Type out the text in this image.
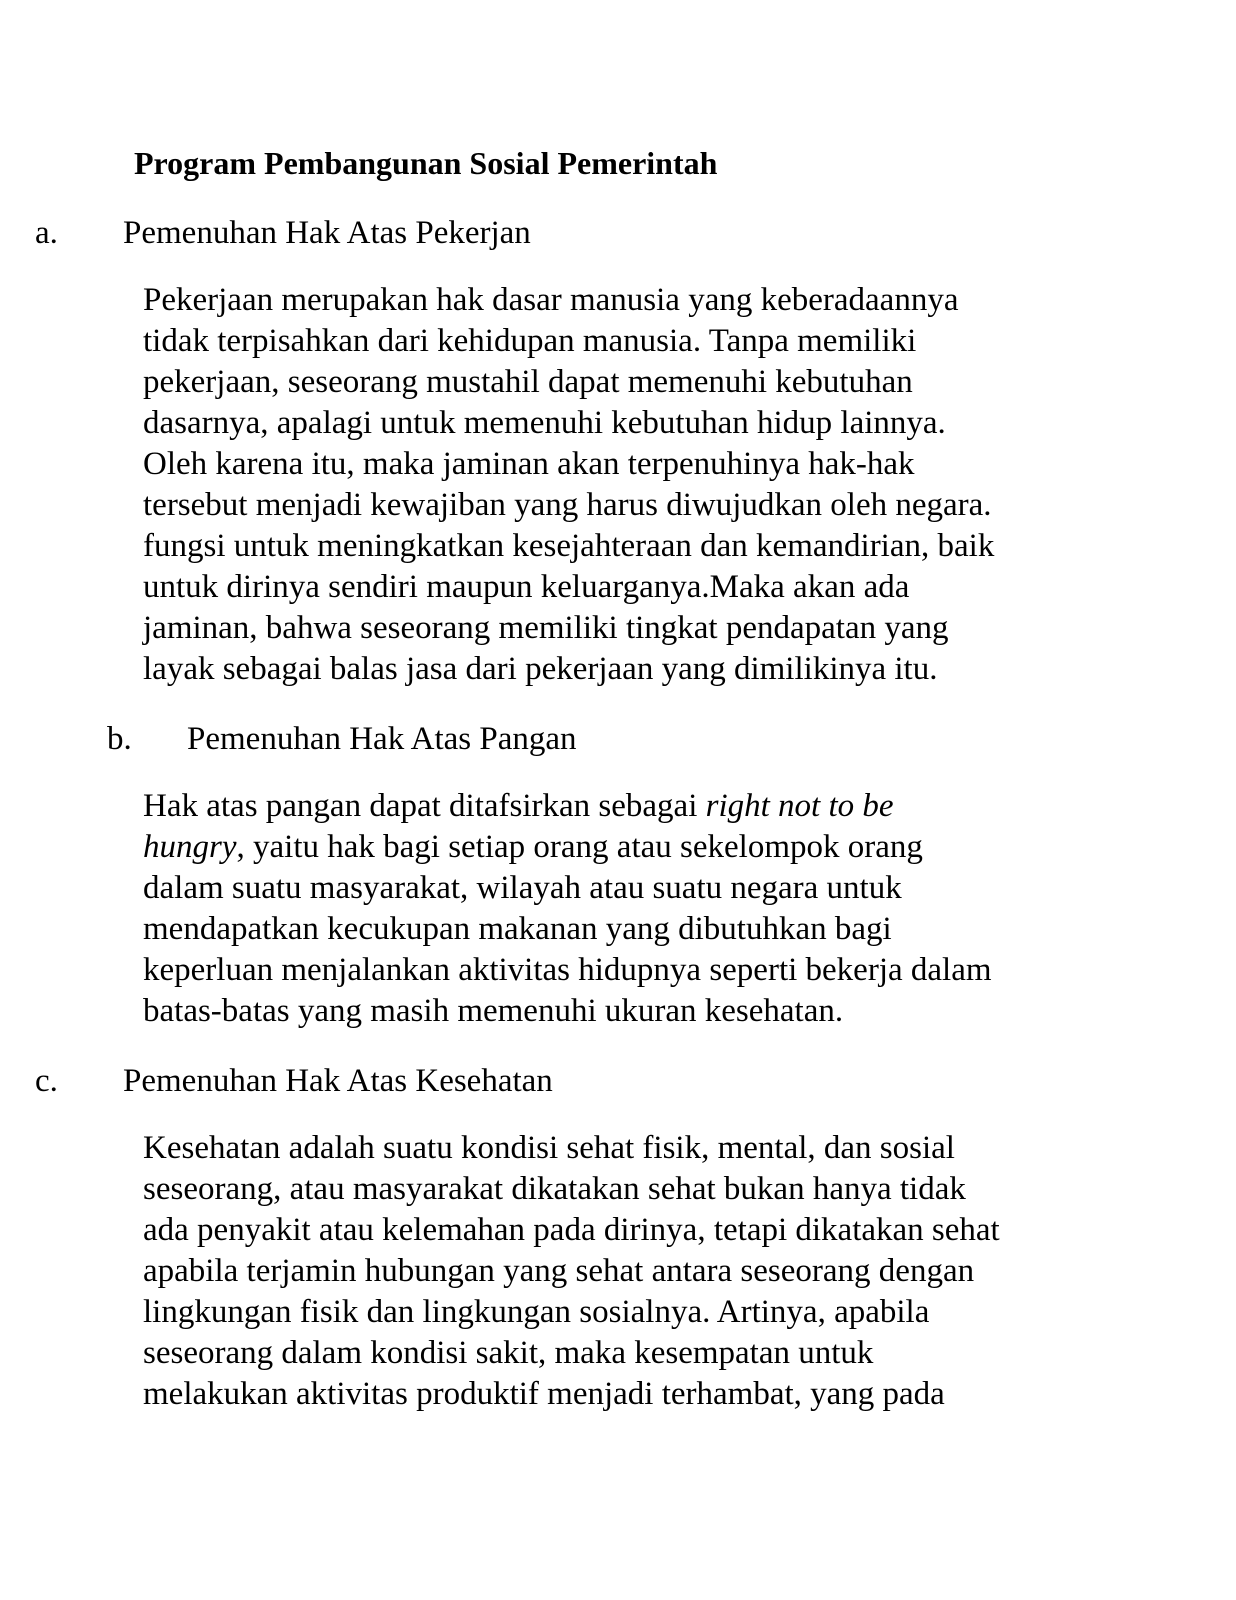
Program Pembangunan Sosial Pemerintah
a. Pemenuhan Hak Atas Pekerjan
Pekerjaan merupakan hak dasar manusia yang keberadaannya
tidak terpisahkan dari kehidupan manusia. Tanpa memiliki
pekerjaan, seseorang mustahil dapat memenuhi kebutuhan
dasarnya, apalagi untuk memenuhi kebutuhan hidup lainnya.
Oleh karena itu, maka jaminan akan terpenuhinya hak-hak
tersebut menjadi kewajiban yang harus diwujudkan oleh negara.
fungsi untuk meningkatkan kesejahteraan dan kemandirian, baik
untuk dirinya sendiri maupun keluarganya.Maka akan ada
jaminan, bahwa seseorang memiliki tingkat pendapatan yang
layak sebagai balas jasa dari pekerjaan yang dimilikinya itu.
b. Pemenuhan Hak Atas Pangan
Hak atas pangan dapat ditafsirkan sebagai right not to be
hungry, yaitu hak bagi setiap orang atau sekelompok orang
dalam suatu masyarakat, wilayah atau suatu negara untuk
mendapatkan kecukupan makanan yang dibutuhkan bagi
keperluan menjalankan aktivitas hidupnya seperti bekerja dalam
batas-batas yang masih memenuhi ukuran kesehatan.
c. Pemenuhan Hak Atas Kesehatan
Kesehatan adalah suatu kondisi sehat fisik, mental, dan sosial
seseorang, atau masyarakat dikatakan sehat bukan hanya tidak
ada penyakit atau kelemahan pada dirinya, tetapi dikatakan sehat
apabila terjamin hubungan yang sehat antara seseorang dengan
lingkungan fisik dan lingkungan sosialnya. Artinya, apabila
seseorang dalam kondisi sakit, maka kesempatan untuk
melakukan aktivitas produktif menjadi terhambat, yang pada
